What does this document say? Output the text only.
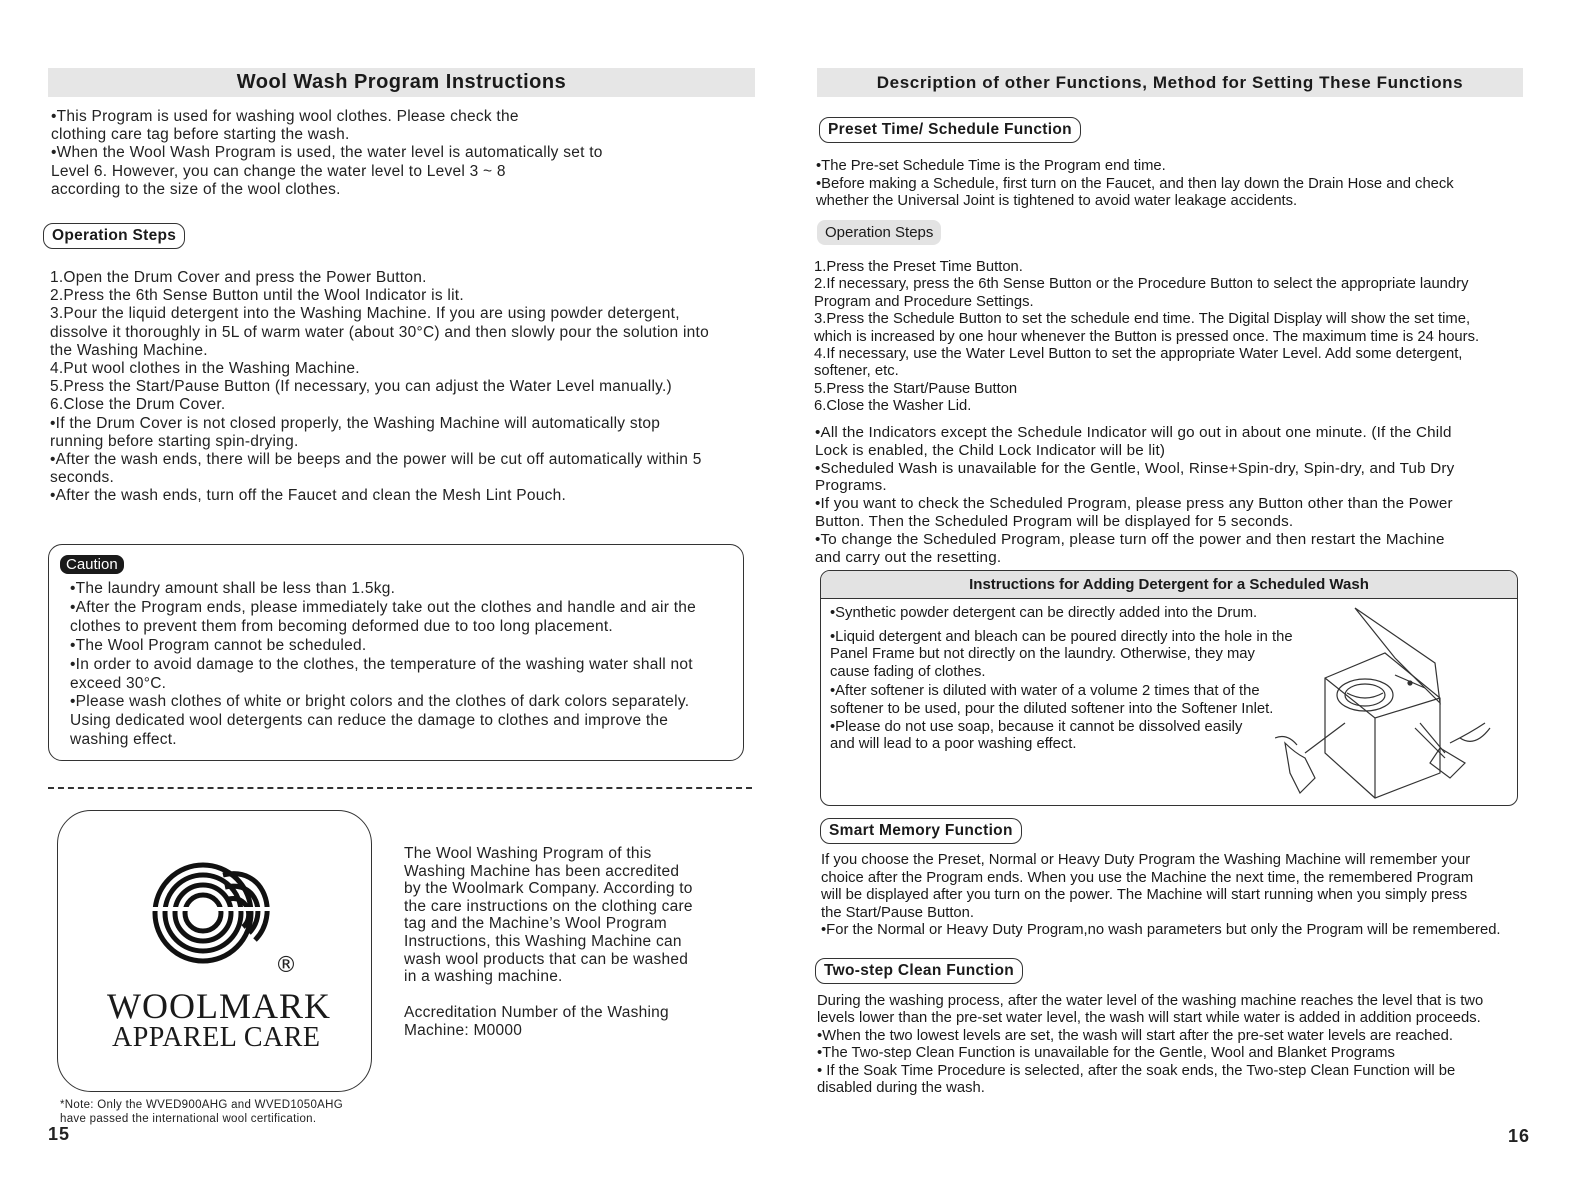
Wool Wash Program Instructions
•This Program is used for washing wool clothes. Please check the
clothing care tag before starting the wash.
•When the Wool Wash Program is used, the water level is automatically set to
Level 6. However, you can change the water level to Level 3 ~ 8
according to the size of the wool clothes.
Operation Steps
1.Open the Drum Cover and press the Power Button.
2.Press the 6th Sense Button until the Wool Indicator is lit.
3.Pour the liquid detergent into the Washing Machine. If you are using powder detergent,
dissolve it thoroughly in 5L of warm water (about 30°C) and then slowly pour the solution into
the Washing Machine.
4.Put wool clothes in the Washing Machine.
5.Press the Start/Pause Button (If necessary, you can adjust the Water Level manually.)
6.Close the Drum Cover.
•If the Drum Cover is not closed properly, the Washing Machine will automatically stop
running before starting spin-drying.
•After the wash ends, there will be beeps and the power will be cut off automatically within 5
seconds.
•After the wash ends, turn off the Faucet and clean the Mesh Lint Pouch.
Caution
•The laundry amount shall be less than 1.5kg.
•After the Program ends, please immediately take out the clothes and handle and air the
clothes to prevent them from becoming deformed due to too long placement.
•The Wool Program cannot be scheduled.
•In order to avoid damage to the clothes, the temperature of the washing water shall not
exceed 30°C.
•Please wash clothes of white or bright colors and the clothes of dark colors separately.
Using dedicated wool detergents can reduce the damage to clothes and improve the
washing effect.
®
WOOLMARK
APPAREL CARE
The Wool Washing Program of this
Washing Machine has been accredited
by the Woolmark Company. According to
the care instructions on the clothing care
tag and the Machine’s Wool Program
Instructions, this Washing Machine can
wash wool products that can be washed
in a washing machine.
Accreditation Number of the Washing
Machine: M0000
*Note: Only the WVED900AHG and WVED1050AHG
have passed the international wool certification.
15
Description of other Functions, Method for Setting These Functions
Preset Time/ Schedule Function
•The Pre-set Schedule Time is the Program end time.
•Before making a Schedule, first turn on the Faucet, and then lay down the Drain Hose and check
whether the Universal Joint is tightened to avoid water leakage accidents.
Operation Steps
1.Press the Preset Time Button.
2.If necessary, press the 6th Sense Button or the Procedure Button to select the appropriate laundry
Program and Procedure Settings.
3.Press the Schedule Button to set the schedule end time. The Digital Display will show the set time,
which is increased by one hour whenever the Button is pressed once. The maximum time is 24 hours.
4.If necessary, use the Water Level Button to set the appropriate Water Level. Add some detergent,
softener, etc.
5.Press the Start/Pause Button
6.Close the Washer Lid.
•All the Indicators except the Schedule Indicator will go out in about one minute. (If the Child
Lock is enabled, the Child Lock Indicator will be lit)
•Scheduled Wash is unavailable for the Gentle, Wool, Rinse+Spin-dry, Spin-dry, and Tub Dry
Programs.
•If you want to check the Scheduled Program, please press any Button other than the Power
Button. Then the Scheduled Program will be displayed for 5 seconds.
•To change the Scheduled Program, please turn off the power and then restart the Machine
and carry out the resetting.
Instructions for Adding Detergent for a Scheduled Wash
•Synthetic powder detergent can be directly added into the Drum.
•Liquid detergent and bleach can be poured directly into the hole in the
Panel Frame but not directly on the laundry. Otherwise, they may
cause fading of clothes.
•After softener is diluted with water of a volume 2 times that of the
softener to be used, pour the diluted softener into the Softener Inlet.
•Please do not use soap, because it cannot be dissolved easily
and will lead to a poor washing effect.
Smart Memory Function
If you choose the Preset, Normal or Heavy Duty Program the Washing Machine will remember your
choice after the Program ends. When you use the Machine the next time, the remembered Program
will be displayed after you turn on the power. The Machine will start running when you simply press
the Start/Pause Button.
•For the Normal or Heavy Duty Program,no wash parameters but only the Program will be remembered.
Two-step Clean Function
During the washing process, after the water level of the washing machine reaches the level that is two
levels lower than the pre-set water level, the wash will start while water is added in addition proceeds.
•When the two lowest levels are set, the wash will start after the pre-set water levels are reached.
•The Two-step Clean Function is unavailable for the Gentle, Wool and Blanket Programs
• If the Soak Time Procedure is selected, after the soak ends, the Two-step Clean Function will be
disabled during the wash.
16
